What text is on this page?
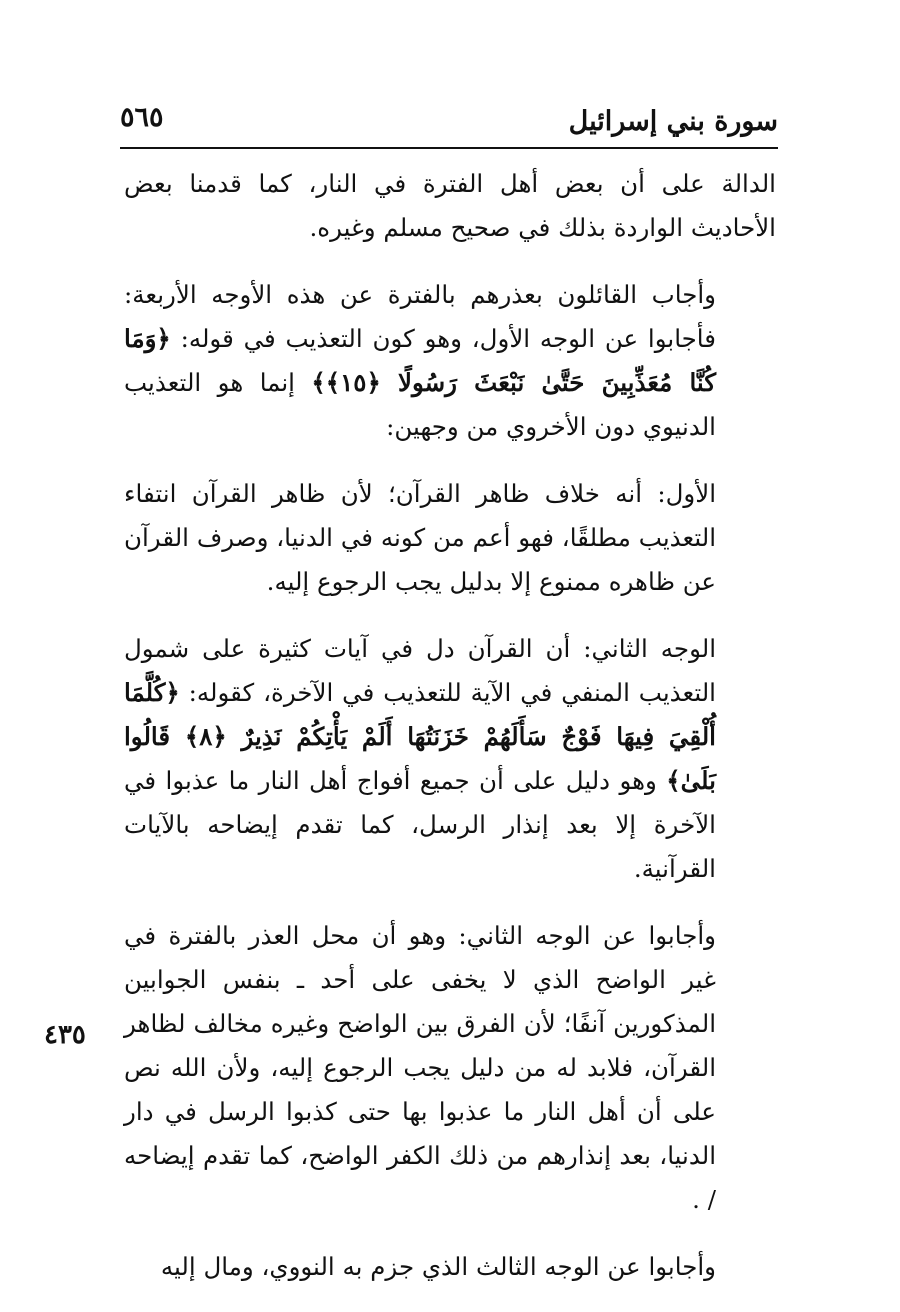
سورة بني إسرائيل
٥٦٥

الدالة على أن بعض أهل الفترة في النار، كما قدمنا بعض الأحاديث الواردة بذلك في صحيح مسلم وغيره.

وأجاب القائلون بعذرهم بالفترة عن هذه الأوجه الأربعة: فأجابوا عن الوجه الأول، وهو كون التعذيب في قوله: ﴿وَمَا كُنَّا مُعَذِّبِينَ حَتَّىٰ نَبْعَثَ رَسُولًا ﴿١٥﴾﴾ إنما هو التعذيب الدنيوي دون الأخروي من وجهين:

الأول: أنه خلاف ظاهر القرآن؛ لأن ظاهر القرآن انتفاء التعذيب مطلقًا، فهو أعم من كونه في الدنيا، وصرف القرآن عن ظاهره ممنوع إلا بدليل يجب الرجوع إليه.

الوجه الثاني: أن القرآن دل في آيات كثيرة على شمول التعذيب المنفي في الآية للتعذيب في الآخرة، كقوله: ﴿كُلَّمَا أُلْقِيَ فِيهَا فَوْجٌ سَأَلَهُمْ خَزَنَتُهَا أَلَمْ يَأْتِكُمْ نَذِيرٌ ﴿٨﴾ قَالُوا بَلَىٰ﴾ وهو دليل على أن جميع أفواج أهل النار ما عذبوا في الآخرة إلا بعد إنذار الرسل، كما تقدم إيضاحه بالآيات القرآنية.

وأجابوا عن الوجه الثاني: وهو أن محل العذر بالفترة في غير الواضح الذي لا يخفى على أحد ـ بنفس الجوابين المذكورين آنفًا؛ لأن الفرق بين الواضح وغيره مخالف لظاهر القرآن، فلابد له من دليل يجب الرجوع إليه، ولأن الله نص على أن أهل النار ما عذبوا بها حتى كذبوا الرسل في دار الدنيا، بعد إنذارهم من ذلك الكفر الواضح، كما تقدم إيضاحه / .

وأجابوا عن الوجه الثالث الذي جزم به النووي، ومال إليه

٤٣٥
